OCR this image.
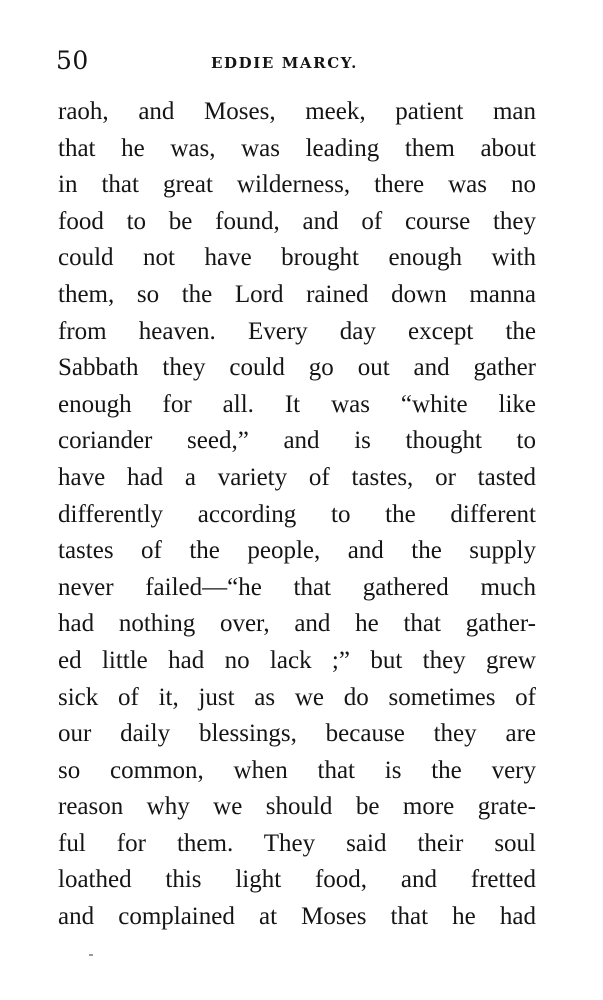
50	EDDIE MARCY.
raoh, and Moses, meek, patient man
that he was, was leading them about
in that great wilderness, there was no
food to be found, and of course they
could not have brought enough with
them, so the Lord rained down manna
from heaven. Every day except the
Sabbath they could go out and gather
enough for all. It was “white like
coriander seed,” and is thought to
have had a variety of tastes, or tasted
differently according to the different
tastes of the people, and the supply
never failed—“he that gathered much
had nothing over, and he that gather-
ed little had no lack ;” but they grew
sick of it, just as we do sometimes of
our daily blessings, because they are
so common, when that is the very
reason why we should be more grate-
ful for them. They said their soul
loathed this light food, and fretted
and complained at Moses that he had
